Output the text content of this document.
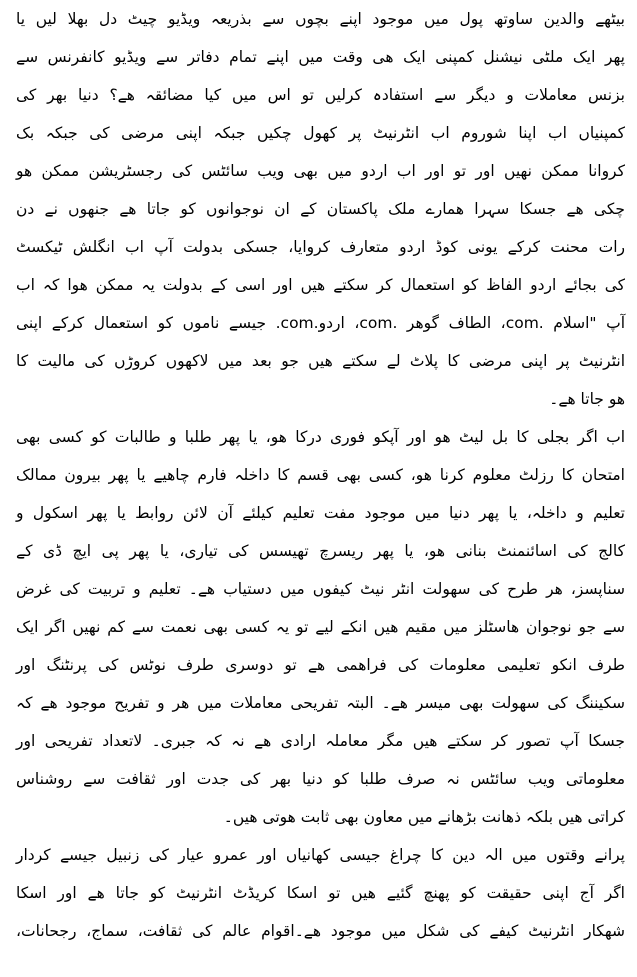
بیٹھے والدین ساوتھ پول میں موجود اپنے بچوں سے بذریعہ ویڈیو چیٹ دل بھلا لیں یا
پھر ایک ملٹی نیشنل کمپنی ایک ھی وقت میں اپنے تمام دفاتر سے ویڈیو کانفرنس سے
بزنس معاملات و دیگر سے استفادہ کرلیں تو اس میں کیا مضائقہ ھے؟ دنیا بھر کی
کمپنیاں اب اپنا شوروم اب انٹرنیٹ پر کھول چکیں جبکہ اپنی مرضی کی جبکہ بک
کروانا ممکن نھیں اور تو اور اب اردو میں بھی ویب سائٹس کی رجسٹریشن ممکن ھو
چکی ھے جسکا سہرا ھمارے ملک پاکستان کے ان نوجوانوں کو جاتا ھے جنھوں نے دن
رات محنت کرکے یونی کوڈ اردو متعارف کروایا، جسکی بدولت آپ اب انگلش ٹیکسٹ
کی بجائے اردو الفاظ کو استعمال کر سکتے ھیں اور اسی کے بدولت یہ ممکن ھوا کہ اب
آپ "اسلام .com، الطاف گوھر .com، اردو.com. جیسے ناموں کو استعمال کرکے اپنی
انٹرنیٹ پر اپنی مرضی کا پلاٹ لے سکتے ھیں جو بعد میں لاکھوں کروڑں کی مالیت کا
ھو جاتا ھے۔
اب اگر بجلی کا بل لیٹ ھو اور آپکو فوری درکا ھو، یا پھر طلبا و طالبات کو کسی بھی
امتحان کا رزلٹ معلوم کرنا ھو، کسی بھی قسم کا داخلہ فارم چاھیے یا پھر بیرون ممالک
تعلیم و داخلہ، یا پھر دنیا میں موجود مفت تعلیم کیلئے آن لائن روابط یا پھر اسکول و
کالج کی اسائنمنٹ بنانی ھو، یا پھر ریسرچ تھیسس کی تیاری، یا پھر پی ایچ ڈی کے
سناپسز، ھر طرح کی سھولت انٹر نیٹ کیفوں میں دستیاب ھے۔ تعلیم و تربیت کی غرض
سے جو نوجوان ھاسٹلز میں مقیم ھیں انکے لیے تو یہ کسی بھی نعمت سے کم نھیں اگر ایک
طرف انکو تعلیمی معلومات کی فراھمی ھے تو دوسری طرف نوٹس کی پرنٹنگ اور
سکیننگ کی سھولت بھی میسر ھے۔ البتہ تفریحی معاملات میں ھر و تفریح موجود ھے کہ
جسکا آپ تصور کر سکتے ھیں مگر معاملہ ارادی ھے نہ کہ جبری۔ لاتعداد تفریحی اور
معلوماتی ویب سائٹس نہ صرف طلبا کو دنیا بھر کی جدت اور ثقافت سے روشناس
کراتی ھیں بلکہ ذھانت بڑھانے میں معاون بھی ثابت ھوتی ھیں۔
پرانے وقتوں میں الہ دین کا چراغ جیسی کھانیاں اور عمرو عیار کی زنبیل جیسے کردار
اگر آج اپنی حقیقت کو پھنچ گئیے ھیں تو اسکا کریڈٹ انٹرنیٹ کو جاتا ھے اور اسکا
شھکار انٹرنیٹ کیفے کی شکل میں موجود ھے۔اقوام عالم کی ثقافت، سماج، رجحانات،
